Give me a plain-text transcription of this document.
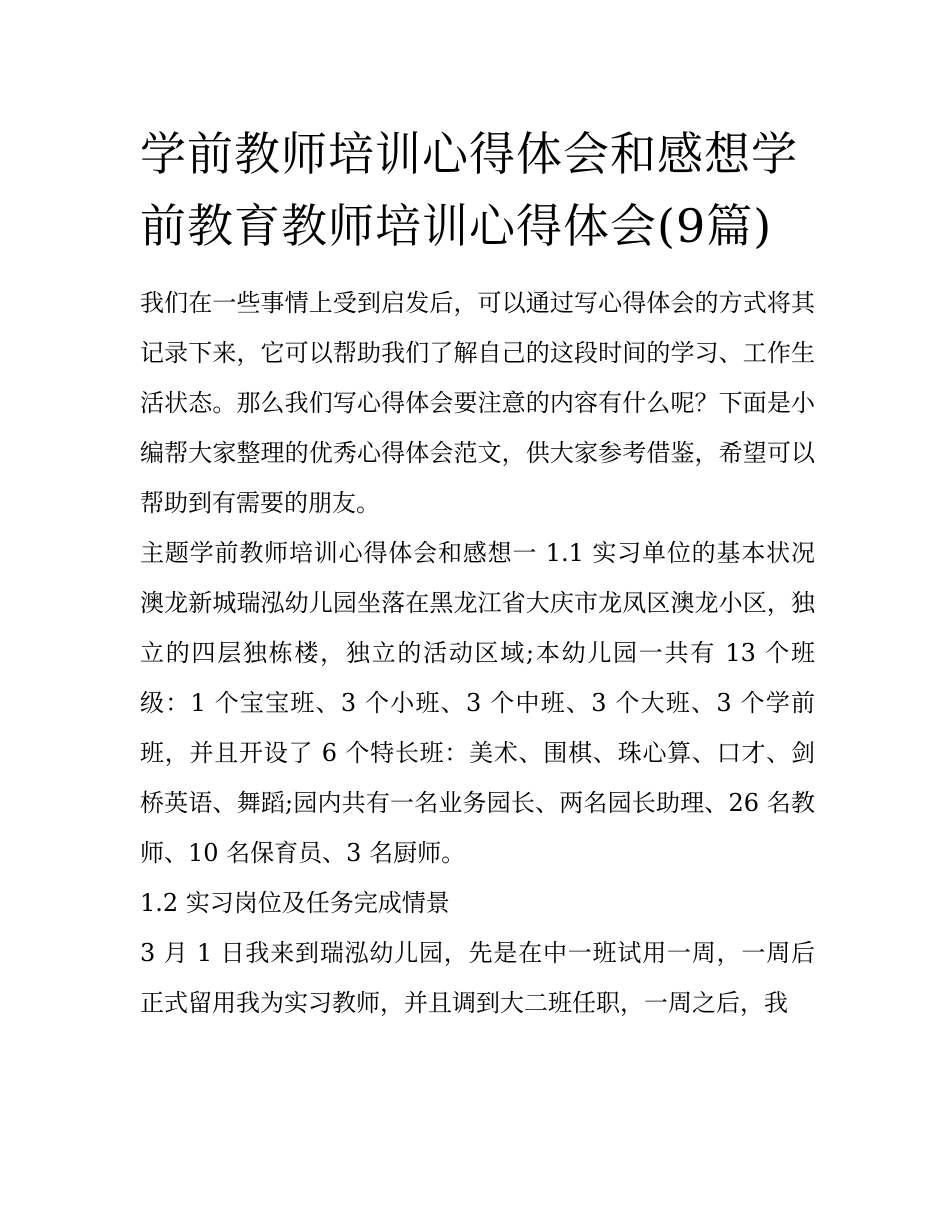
学前教师培训心得体会和感想学前教育教师培训心得体会(9篇)

我们在一些事情上受到启发后，可以通过写心得体会的方式将其记录下来，它可以帮助我们了解自己的这段时间的学习、工作生活状态。那么我们写心得体会要注意的内容有什么呢？下面是小编帮大家整理的优秀心得体会范文，供大家参考借鉴，希望可以帮助到有需要的朋友。

主题学前教师培训心得体会和感想一 1.1 实习单位的基本状况澳龙新城瑞泓幼儿园坐落在黑龙江省大庆市龙凤区澳龙小区，独立的四层独栋楼，独立的活动区域;本幼儿园一共有 13 个班级：1 个宝宝班、3 个小班、3 个中班、3 个大班、3 个学前班，并且开设了 6 个特长班：美术、围棋、珠心算、口才、剑桥英语、舞蹈;园内共有一名业务园长、两名园长助理、26 名教师、10 名保育员、3 名厨师。

1.2 实习岗位及任务完成情景

3 月 1 日我来到瑞泓幼儿园，先是在中一班试用一周，一周后正式留用我为实习教师，并且调到大二班任职，一周之后，我
